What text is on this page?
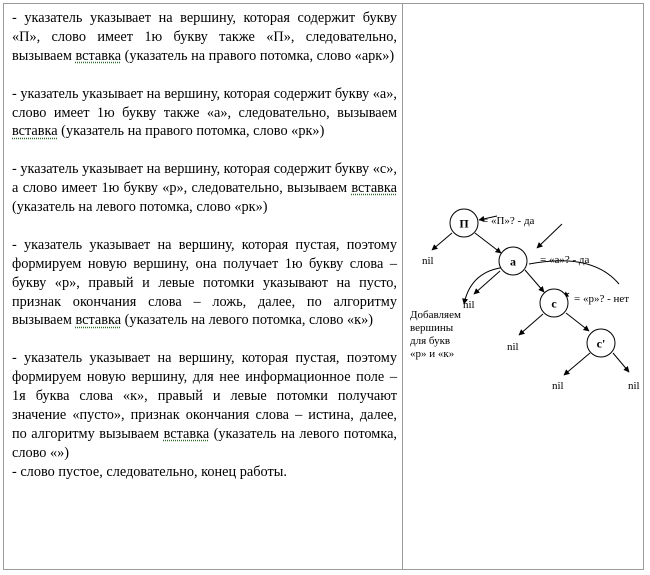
- указатель указывает на вершину, которая содержит букву «П», слово имеет 1ю букву также «П», следовательно, вызываем вставка (указатель на правого потомка, слово «арк»)

- указатель указывает на вершину, которая содержит букву «а», слово имеет 1ю букву также «а», следовательно, вызываем вставка (указатель на правого потомка, слово «рк»)

- указатель указывает на вершину, которая содержит букву «с», а слово имеет 1ю букву «р», следовательно, вызываем вставка (указатель на левого потомка, слово «рк»)

- указатель указывает на вершину, которая пустая, поэтому формируем новую вершину, она получает 1ю букву слова – букву «р», правый и левые потомки указывают на пусто, признак окончания слова – ложь, далее, по алгоритму вызываем вставка (указатель на левого потомка, слово «к»)

- указатель указывает на вершину, которая пустая, поэтому формируем новую вершину, для нее информационное поле – 1я буква слова «к», правый и левые потомки получают значение «пусто», признак окончания слова – истина, далее, по алгоритму вызываем вставка (указатель на левого потомка, слово «»)

- слово пустое, следовательно, конец работы.

П
а
с
с'
nil
nil
nil
nil	nil
= «П»? - да
= «а»? - да
= «р»? - нет
Добавляем вершины для букв «р» и «к»
